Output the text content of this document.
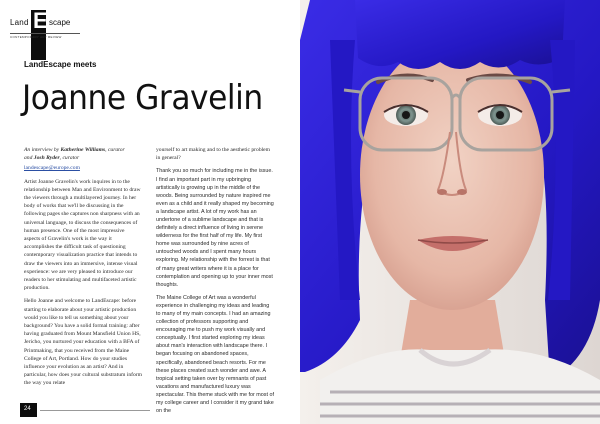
Land E scape
CONTEMPORARY ART REVIEW
LandEscape meets
Joanne Gravelin

An interview by Katherine Williams, curator
and Josh Ryder, curator
landescape@europe.com

Artist Joanne Gravelin's work inquires in to the relationship between Man and Environment to draw the viewers through a multilayered journey. In her body of works that we'll be discussing in the following pages she captures non sharpness with an universal language, to discuss the consequences of human presence. One of the most impressive aspects of Gravelin's work is the way it accomplishes the difficult task of questioning contemporary visualization practice that intends to draw the viewers into an immersive, intense visual experience: we are very pleased to introduce our readers to her stimulating and multifaceted artistic production.

Hello Joanne and welcome to LandEscape: before starting to elaborate about your artistic production would you like to tell us something about your background? You have a solid formal training: after having graduated from Mount Mansfield Union HS, Jericho, you nurtured your education with a BFA of Printmaking, that you received from the Maine College of Art, Portland. How do your studies influence your evolution as an artist? And in particular, how does your cultural substratum inform the way you relate

yourself to art making and to the aesthetic problem in general?

Thank you so much for including me in the issue. I find an important part in my upbringing artistically is growing up in the middle of the woods. Being surrounded by nature inspired me even as a child and it really shaped my becoming a landscape artist. A lot of my work has an undertone of a sublime landscape and that is definitely a direct influence of living in serene wilderness for the first half of my life. My first home was surrounded by nine acres of untouched woods and I spent many hours exploring. My relationship with the forrest is that of many great writers where it is a place for contemplation and opening up to your inner most thoughts.

The Maine College of Art was a wonderful experience in challenging my ideas and leading to many of my main concepts. I had an amazing collection of professors supporting and encouraging me to push my work visually and conceptually. I first started exploring my ideas about man's interaction with landscape there. I began focusing on abandoned spaces, specifically, abandoned beach resorts. For me these places created such wonder and awe. A tropical setting taken over by remnants of past vacations and manufactured luxury was spectacular. This theme stuck with me for most of my college career and I consider it my grand take on the

24
